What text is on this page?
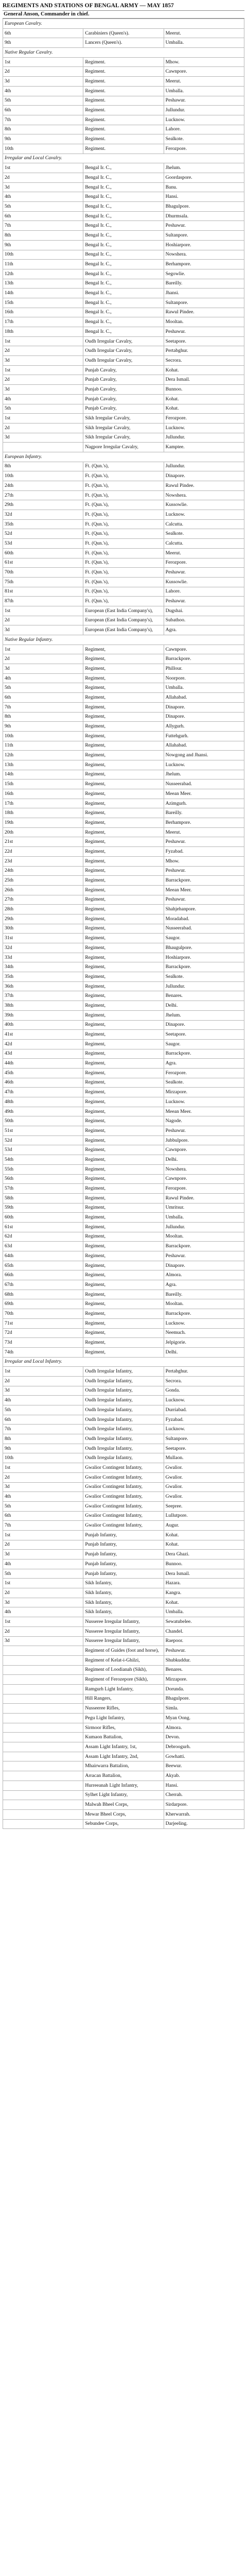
REGIMENTS AND STATIONS OF BENGAL ARMY — MAY 1857
General Anson, Commander in chief.
European Cavalry.		
6th	Carabiniers (Queen's).	Meerut.
9th	Lancers (Queen's).	Umballa.
Native Regular Cavalry.		
1st	Regiment.	Mhow.
2d	Regiment.	Cawnpore.
3d	Regiment.	Meerut.
4th	Regiment.	Umballa.
5th	Regiment.	Peshawur.
6th	Regiment.	Jullundur.
7th	Regiment.	Lucknow.
8th	Regiment.	Lahore.
9th	Regiment.	Sealkote.
10th	Regiment.	Ferozpore.
Irregular and Local Cavalry.		
1st	Bengal Ir. C.,	Jhelum.
2d	Bengal Ir. C.,	Goordaspore.
3d	Bengal Ir. C.,	Banu.
4th	Bengal Ir. C.,	Hansi.
5th	Bengal Ir. C.,	Bhagulpore.
6th	Bengal Ir. C.,	Dhurmsala.
7th	Bengal Ir. C.,	Peshawur.
8th	Bengal Ir. C.,	Sultanpore.
9th	Bengal Ir. C.,	Hoshiarpore.
10th	Bengal Ir. C.,	Nowshera.
11th	Bengal Ir. C.,	Berhampore.
12th	Bengal Ir. C.,	Segowlie.
13th	Bengal Ir. C.,	Bareilly.
14th	Bengal Ir. C.,	Jhansi.
15th	Bengal Ir. C.,	Sultanpore.
16th	Bengal Ir. C.,	Rawul Pindee.
17th	Bengal Ir. C.,	Mooltan.
18th	Bengal Ir. C.,	Peshawur.
1st	Oudh Irregular Cavalry,	Seetapore.
2d	Oudh Irregular Cavalry,	Pertabghur.
3d	Oudh Irregular Cavalry,	Secrora.
1st	Punjab Cavalry,	Kohat.
2d	Punjab Cavalry,	Dera Ismail.
3d	Punjab Cavalry,	Bunnoo.
4th	Punjab Cavalry,	Kohat.
5th	Punjab Cavalry,	Kohat.
1st	Sikh Irregular Cavalry,	Ferozpore.
2d	Sikh Irregular Cavalry,	Lucknow.
3d	Sikh Irregular Cavalry,	Jullundur.
	Nagpore Irregular Cavalry,	Kamptee.
European Infantry.		
8th	Ft. (Qun.'s),	Jullundur.
10th	Ft. (Qun.'s),	Dinapore.
24th	Ft. (Qun.'s),	Rawul Pindee.
27th	Ft. (Qun.'s),	Nowshera.
29th	Ft. (Qun.'s),	Kussowlie.
32d	Ft. (Qun.'s),	Lucknow.
35th	Ft. (Qun.'s),	Calcutta.
52d	Ft. (Qun.'s),	Sealkote.
53d	Ft. (Qun.'s),	Calcutta.
60th	Ft. (Qun.'s),	Meerut.
61st	Ft. (Qun.'s),	Ferozpore.
70th	Ft. (Qun.'s),	Peshawur.
75th	Ft. (Qun.'s),	Kussowlie.
81st	Ft. (Qun.'s),	Lahore.
87th	Ft. (Qun.'s),	Peshawur.
1st	European (East India Company's),	Dugshai.
2d	European (East India Company's),	Subathoo.
3d	European (East India Company's),	Agra.
Native Regular Infantry.		
1st	Regiment,	Cawnpore.
2d	Regiment,	Barrackpore.
3d	Regiment,	Phillour.
4th	Regiment,	Noorpore.
5th	Regiment,	Umballa.
6th	Regiment,	Allahabad.
7th	Regiment,	Dinapore.
8th	Regiment,	Dinapore.
9th	Regiment,	Allygurh.
10th	Regiment,	Futtehgurh.
11th	Regiment,	Allahabad.
12th	Regiment,	Nowgong and Jhansi.
13th	Regiment,	Lucknow.
14th	Regiment,	Jhelum.
15th	Regiment,	Nusseerabad.
16th	Regiment,	Meean Meer.
17th	Regiment,	Azimgurh.
18th	Regiment,	Bareilly.
19th	Regiment,	Berhampore.
20th	Regiment,	Meerut.
21st	Regiment,	Peshawur.
22d	Regiment,	Fyzabad.
23d	Regiment,	Mhow.
24th	Regiment,	Peshawur.
25th	Regiment,	Barrackpore.
26th	Regiment,	Meean Meer.
27th	Regiment,	Peshawur.
28th	Regiment,	Shahjehanpore.
29th	Regiment,	Moradabad.
30th	Regiment,	Nusseerabad.
31st	Regiment,	Saugor.
32d	Regiment,	Bhaugulpore.
33d	Regiment,	Hoshiarpore.
34th	Regiment,	Barrackpore.
35th	Regiment,	Sealkote.
36th	Regiment,	Jullundur.
37th	Regiment,	Benares.
38th	Regiment,	Delhi.
39th	Regiment,	Jhelum.
40th	Regiment,	Dinapore.
41st	Regiment,	Seetapore.
42d	Regiment,	Saugor.
43d	Regiment,	Barrackpore.
44th	Regiment,	Agra.
45th	Regiment,	Ferozpore.
46th	Regiment,	Sealkote.
47th	Regiment,	Mirzapore.
48th	Regiment,	Lucknow.
49th	Regiment,	Meean Meer.
50th	Regiment,	Nagode.
51st	Regiment,	Peshawur.
52d	Regiment,	Jubbulpore.
53d	Regiment,	Cawnpore.
54th	Regiment,	Delhi.
55th	Regiment,	Nowshera.
56th	Regiment,	Cawnpore.
57th	Regiment,	Ferozpore.
58th	Regiment,	Rawul Pindee.
59th	Regiment,	Umritsur.
60th	Regiment,	Umballa.
61st	Regiment,	Jullundur.
62d	Regiment,	Mooltan.
63d	Regiment,	Barrackpore.
64th	Regiment,	Peshawur.
65th	Regiment,	Dinapore.
66th	Regiment,	Almora.
67th	Regiment,	Agra.
68th	Regiment,	Bareilly.
69th	Regiment,	Mooltan.
70th	Regiment,	Barrackpore.
71st	Regiment,	Lucknow.
72d	Regiment,	Neemuch.
73d	Regiment,	Jelpigorie.
74th	Regiment,	Delhi.
Irregular and Local Infantry.		
1st	Oudh Irregular Infantry,	Pertabghur.
2d	Oudh Irregular Infantry,	Secrora.
3d	Oudh Irregular Infantry,	Gonda.
4th	Oudh Irregular Infantry,	Lucknow.
5th	Oudh Irregular Infantry,	Durriabad.
6th	Oudh Irregular Infantry,	Fyzabad.
7th	Oudh Irregular Infantry,	Lucknow.
8th	Oudh Irregular Infantry,	Sultanpore.
9th	Oudh Irregular Infantry,	Seetapore.
10th	Oudh Irregular Infantry,	Mullaon.
1st	Gwalior Contingent Infantry,	Gwalior.
2d	Gwalior Contingent Infantry,	Gwalior.
3d	Gwalior Contingent Infantry,	Gwalior.
4th	Gwalior Contingent Infantry,	Gwalior.
5th	Gwalior Contingent Infantry,	Seepree.
6th	Gwalior Contingent Infantry,	Lullutpore.
7th	Gwalior Contingent Infantry,	Augur.
1st	Punjab Infantry,	Kohat.
2d	Punjab Infantry,	Kohat.
3d	Punjab Infantry,	Dera Ghazi.
4th	Punjab Infantry,	Bunnoo.
5th	Punjab Infantry,	Dera Ismail.
1st	Sikh Infantry,	Hazara.
2d	Sikh Infantry,	Kangra.
3d	Sikh Infantry,	Kohat.
4th	Sikh Infantry,	Umballa.
1st	Nusseree Irregular Infantry,	Sewatubelee.
2d	Nusseree Irregular Infantry,	Chandel.
3d	Nusseree Irregular Infantry,	Raepoor.
	Regiment of Guides (foot and horse),	Peshawur.
	Regiment of Kelat-i-Ghilzi,	Shubkuddur.
	Regiment of Loodianah (Sikh),	Benares.
	Regiment of Ferozepore (Sikh),	Mirzapore.
	Ramgurh Light Infantry,	Dorunda.
	Hill Rangers,	Bhagulpore.
	Nusseeree Rifles,	Simla.
	Pegu Light Infantry,	Myan Oong.
	Sirmoor Rifles,	Almora.
	Kumaon Battalion,	Devon.
	Assam Light Infantry, 1st,	Debroogurh.
	Assam Light Infantry, 2nd,	Gowhatti.
	Mhairwarra Battalion,	Beewur.
	Arracan Battalion,	Akyab.
	Hurreeanah Light Infantry,	Hansi.
	Sylhet Light Infantry,	Cherrah.
	Malwah Bheel Corps,	Sirdarpore.
	Mewar Bheel Corps,	Kherwarrah.
	Sebundee Corps,	Darjeeling.
